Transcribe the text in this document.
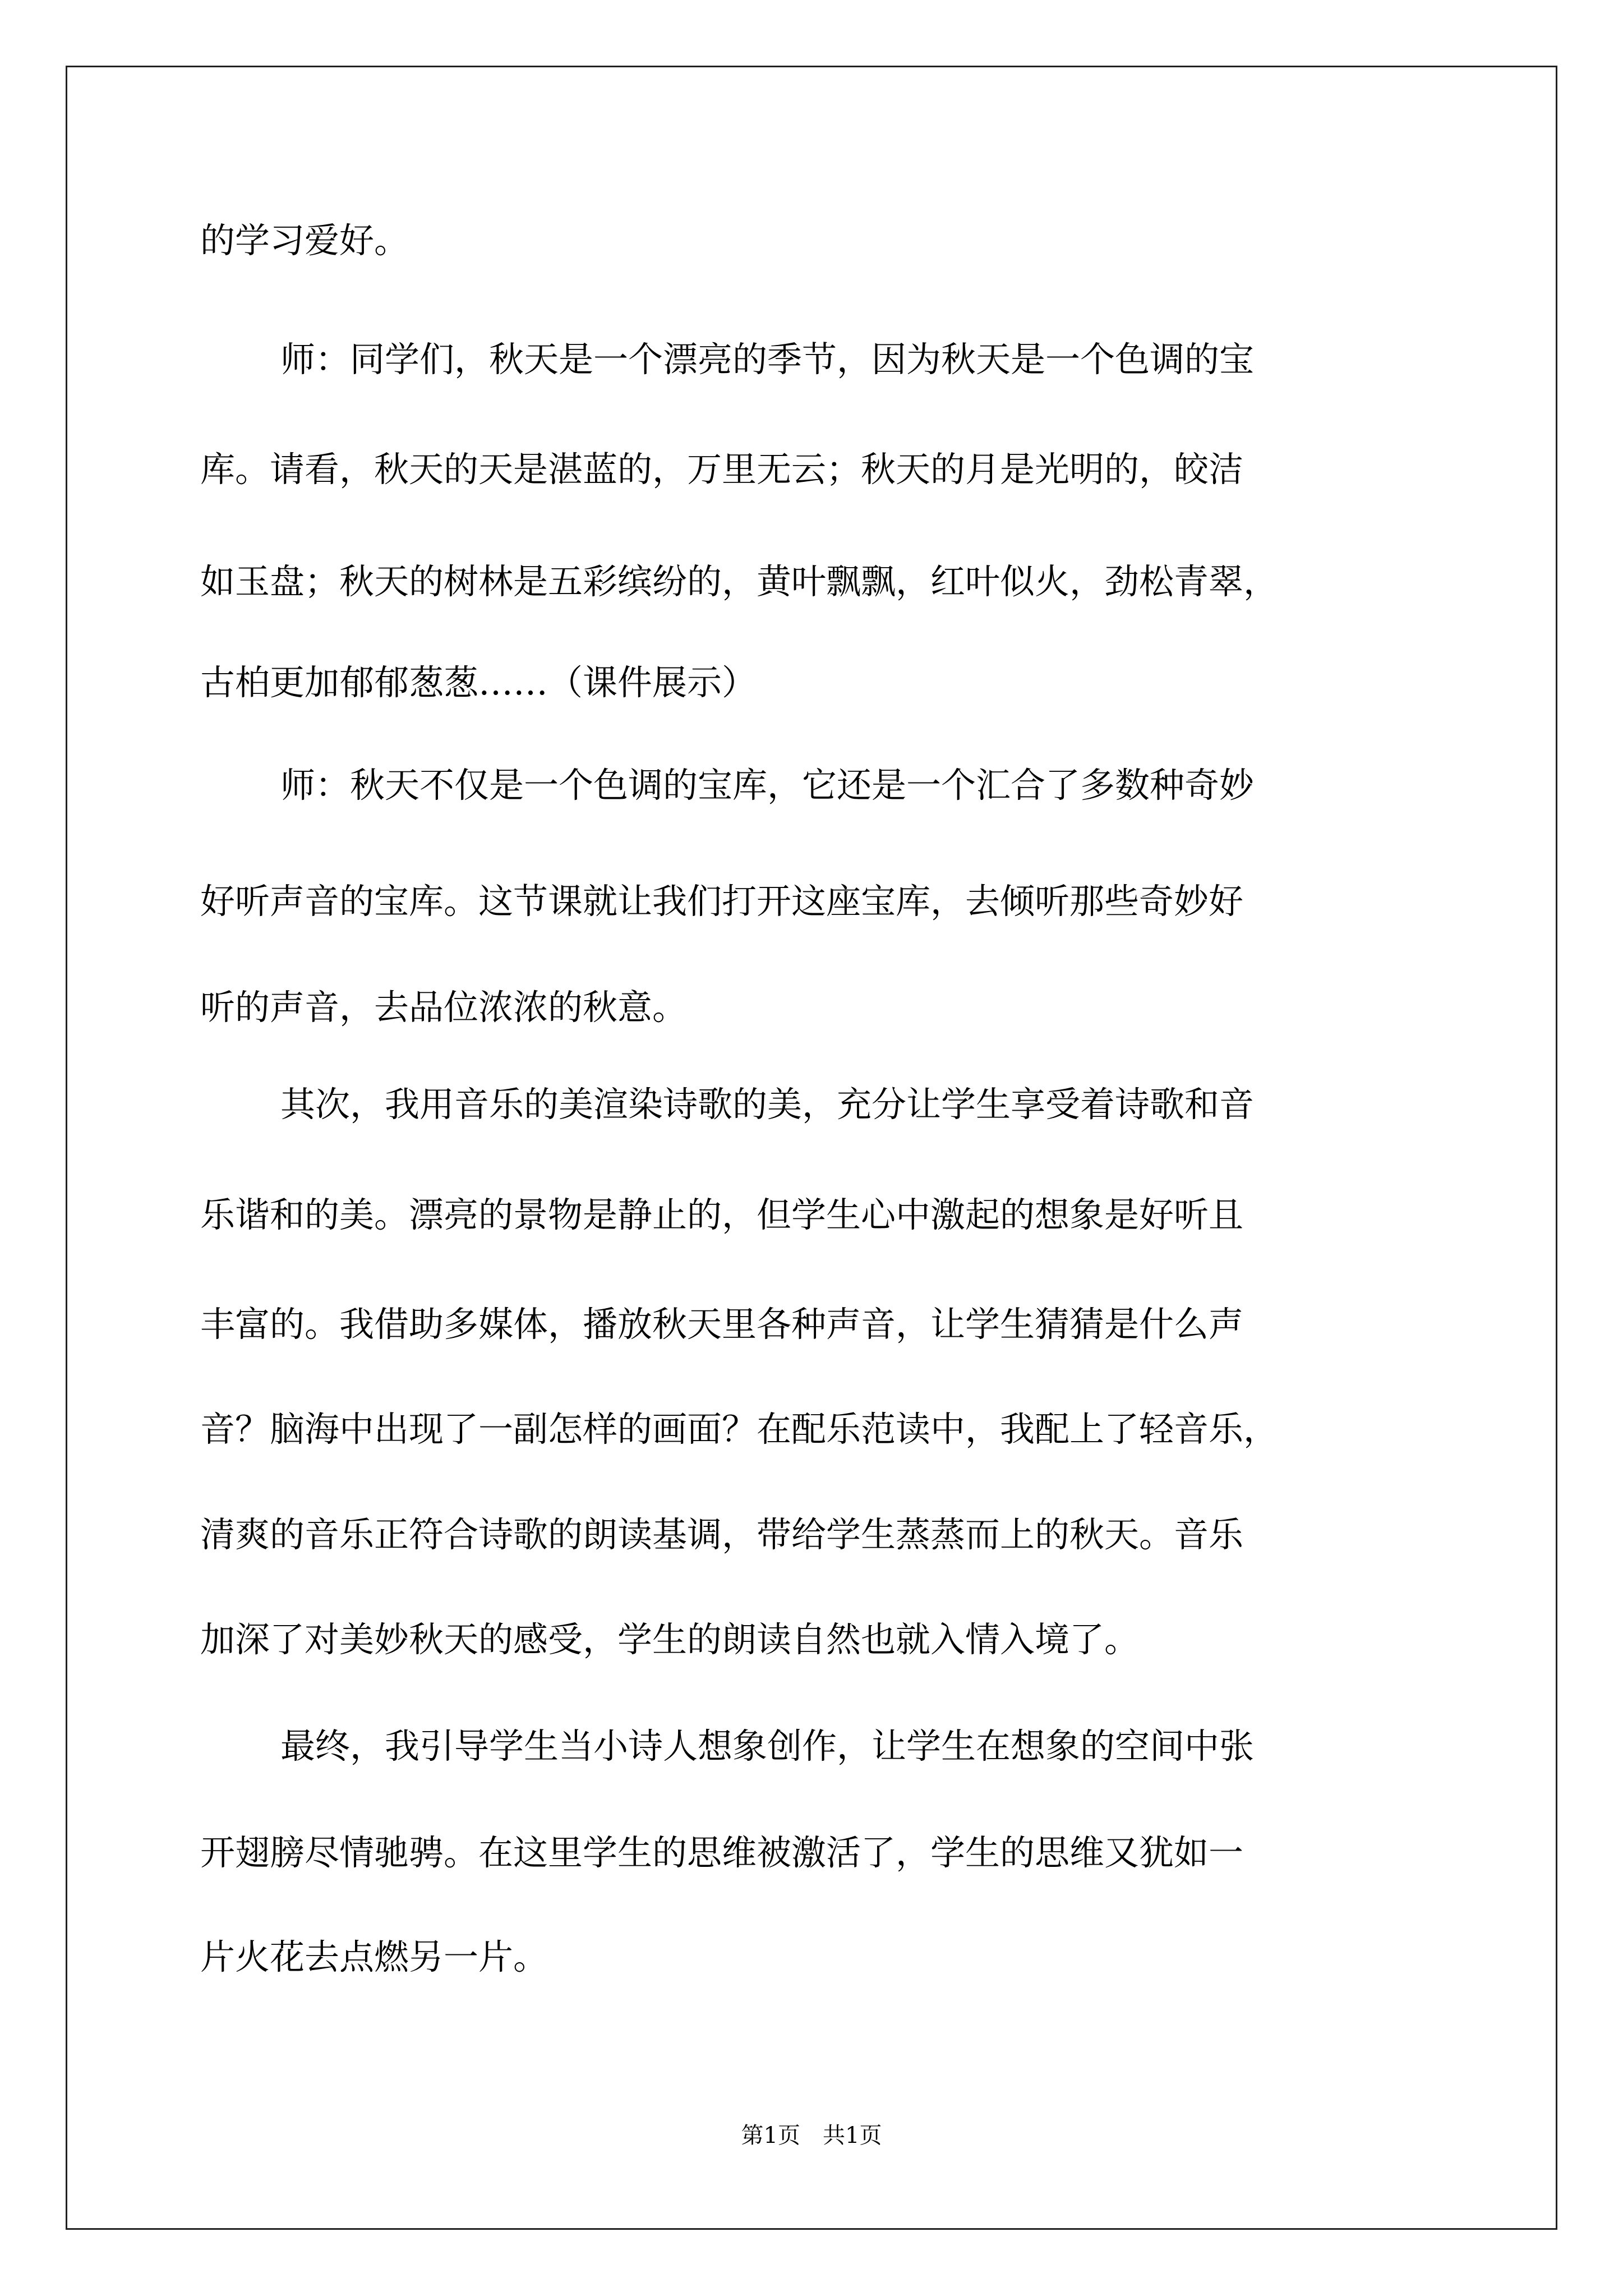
的学习爱好。

师：同学们，秋天是一个漂亮的季节，因为秋天是一个色调的宝

库。请看，秋天的天是湛蓝的，万里无云；秋天的月是光明的，皎洁

如玉盘；秋天的树林是五彩缤纷的，黄叶飘飘，红叶似火，劲松青翠，

古柏更加郁郁葱葱……（课件展示）

师：秋天不仅是一个色调的宝库，它还是一个汇合了多数种奇妙

好听声音的宝库。这节课就让我们打开这座宝库，去倾听那些奇妙好

听的声音，去品位浓浓的秋意。

其次，我用音乐的美渲染诗歌的美，充分让学生享受着诗歌和音

乐谐和的美。漂亮的景物是静止的，但学生心中激起的想象是好听且

丰富的。我借助多媒体，播放秋天里各种声音，让学生猜猜是什么声

音？脑海中出现了一副怎样的画面？在配乐范读中，我配上了轻音乐，

清爽的音乐正符合诗歌的朗读基调，带给学生蒸蒸而上的秋天。音乐

加深了对美妙秋天的感受，学生的朗读自然也就入情入境了。

最终，我引导学生当小诗人想象创作，让学生在想象的空间中张

开翅膀尽情驰骋。在这里学生的思维被激活了，学生的思维又犹如一

片火花去点燃另一片。

第1页　共1页
